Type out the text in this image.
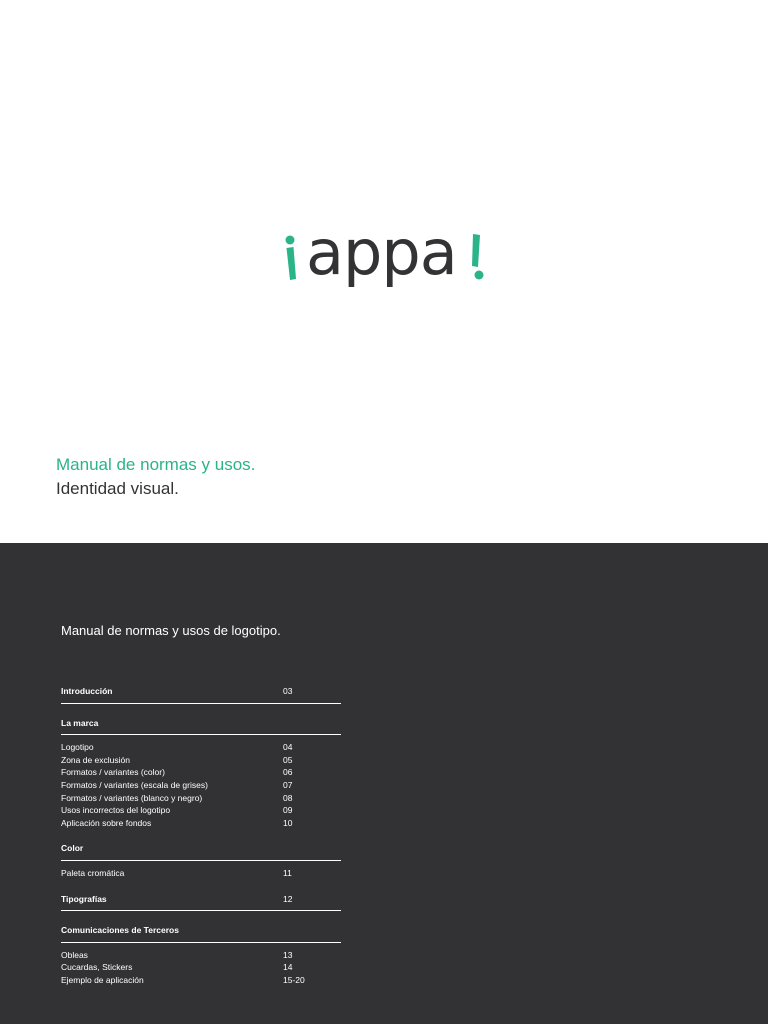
appa
Manual de normas y usos.
Identidad visual.
Manual de normas y usos de logotipo.
Introducción	03
La marca
Logotipo	04
Zona de exclusión	05
Formatos / variantes (color)	06
Formatos / variantes (escala de grises)	07
Formatos / variantes (blanco y negro)	08
Usos incorrectos del logotipo	09
Aplicación sobre fondos	10
Color
Paleta cromática	11
Tipografías	12
Comunicaciones de Terceros
Obleas	13
Cucardas, Stickers	14
Ejemplo de aplicación	15-20
